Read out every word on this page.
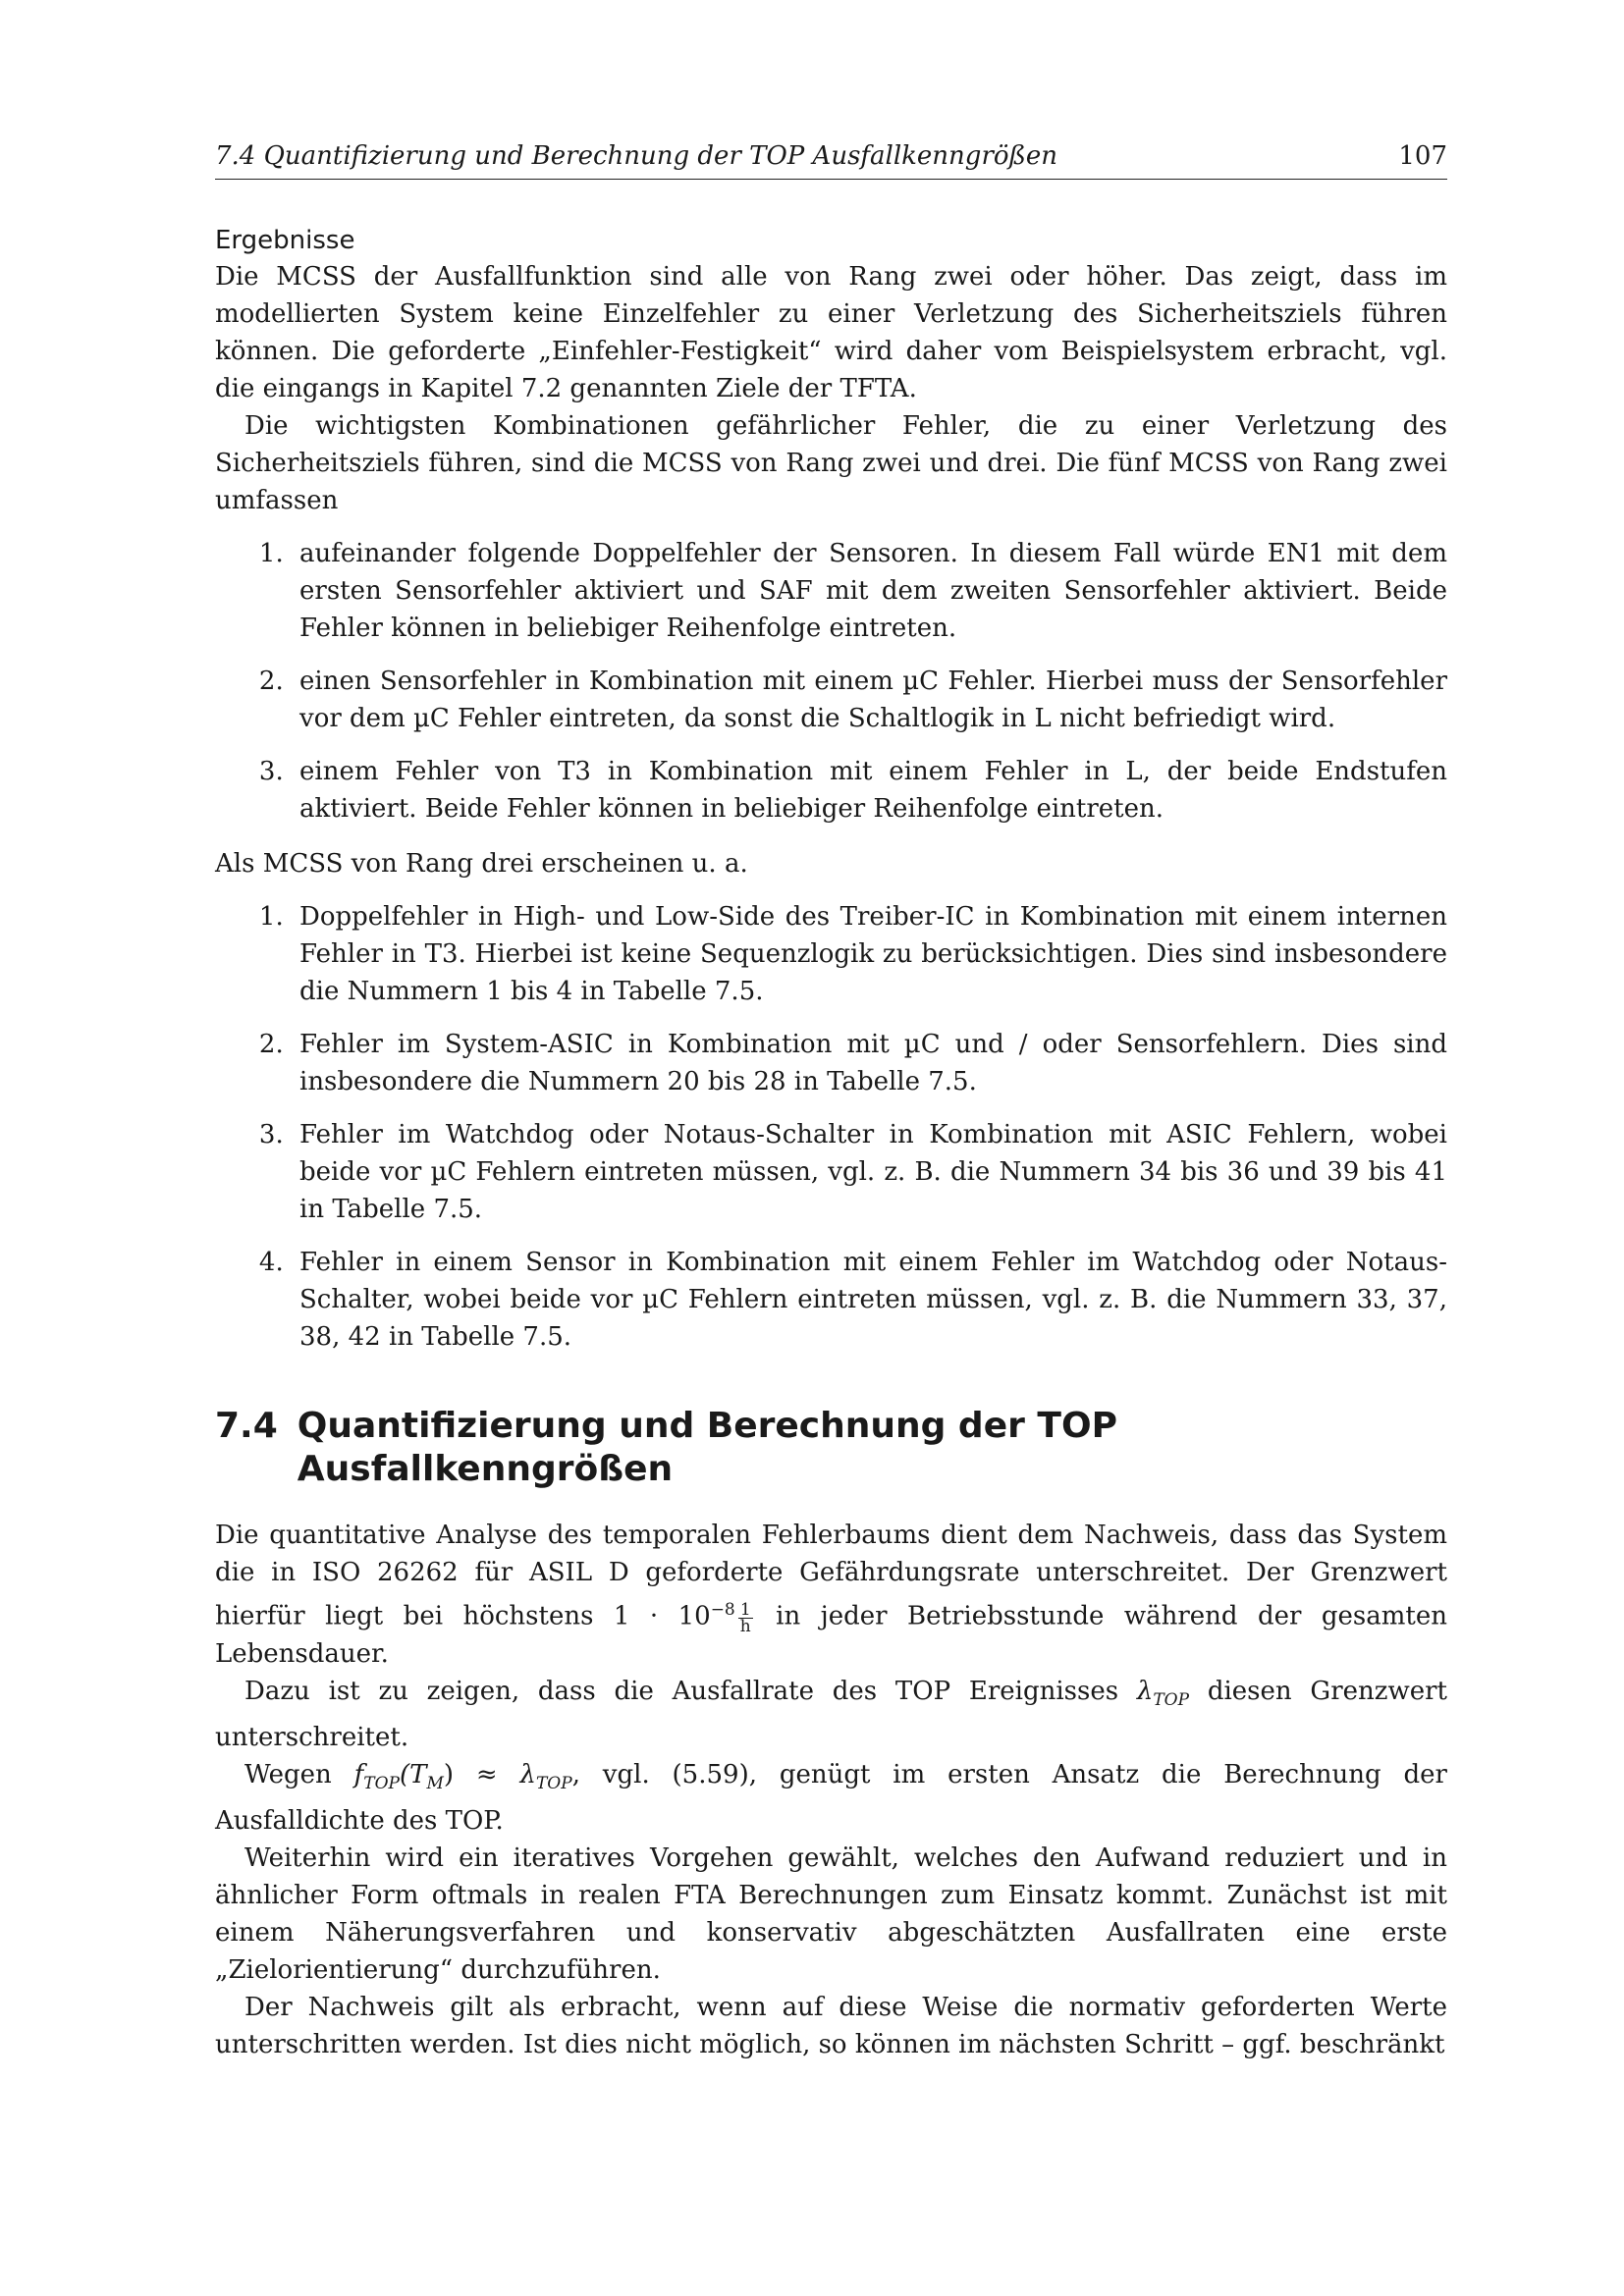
7.4 Quantifizierung und Berechnung der TOP Ausfallkenngrößen	107
Ergebnisse

Die MCSS der Ausfallfunktion sind alle von Rang zwei oder höher. Das zeigt, dass im modellierten System keine Einzelfehler zu einer Verletzung des Sicherheitsziels führen können. Die geforderte „Einfehler-Festigkeit“ wird daher vom Beispielsystem erbracht, vgl. die eingangs in Kapitel 7.2 genannten Ziele der TFTA.

Die wichtigsten Kombinationen gefährlicher Fehler, die zu einer Verletzung des Sicherheitsziels führen, sind die MCSS von Rang zwei und drei. Die fünf MCSS von Rang zwei umfassen

1. aufeinander folgende Doppelfehler der Sensoren. In diesem Fall würde EN1 mit dem ersten Sensorfehler aktiviert und SAF mit dem zweiten Sensorfehler aktiviert. Beide Fehler können in beliebiger Reihenfolge eintreten.
2. einen Sensorfehler in Kombination mit einem µC Fehler. Hierbei muss der Sensorfehler vor dem µC Fehler eintreten, da sonst die Schaltlogik in L nicht befriedigt wird.
3. einem Fehler von T3 in Kombination mit einem Fehler in L, der beide Endstufen aktiviert. Beide Fehler können in beliebiger Reihenfolge eintreten.

Als MCSS von Rang drei erscheinen u. a.

1. Doppelfehler in High- und Low-Side des Treiber-IC in Kombination mit einem internen Fehler in T3. Hierbei ist keine Sequenzlogik zu berücksichtigen. Dies sind insbesondere die Nummern 1 bis 4 in Tabelle 7.5.
2. Fehler im System-ASIC in Kombination mit µC und / oder Sensorfehlern. Dies sind insbesondere die Nummern 20 bis 28 in Tabelle 7.5.
3. Fehler im Watchdog oder Notaus-Schalter in Kombination mit ASIC Fehlern, wobei beide vor µC Fehlern eintreten müssen, vgl. z. B. die Nummern 34 bis 36 und 39 bis 41 in Tabelle 7.5.
4. Fehler in einem Sensor in Kombination mit einem Fehler im Watchdog oder Notaus-Schalter, wobei beide vor µC Fehlern eintreten müssen, vgl. z. B. die Nummern 33, 37, 38, 42 in Tabelle 7.5.
7.4 Quantifizierung und Berechnung der TOP Ausfallkenngrößen

Die quantitative Analyse des temporalen Fehlerbaums dient dem Nachweis, dass das System die in ISO 26262 für ASIL D geforderte Gefährdungsrate unterschreitet. Der Grenzwert hierfür liegt bei höchstens $1 \cdot 10^{-8} \frac{1}{h}$ in jeder Betriebsstunde während der gesamten Lebensdauer.

Dazu ist zu zeigen, dass die Ausfallrate des TOP Ereignisses $\lambda_{TOP}$ diesen Grenzwert unterschreitet.

Wegen $f_{TOP}(T_M) \approx \lambda_{TOP}$, vgl. (5.59), genügt im ersten Ansatz die Berechnung der Ausfalldichte des TOP.

Weiterhin wird ein iteratives Vorgehen gewählt, welches den Aufwand reduziert und in ähnlicher Form oftmals in realen FTA Berechnungen zum Einsatz kommt. Zunächst ist mit einem Näherungsverfahren und konservativ abgeschätzten Ausfallraten eine erste „Zielorientierung“ durchzuführen.

Der Nachweis gilt als erbracht, wenn auf diese Weise die normativ geforderten Werte unterschritten werden. Ist dies nicht möglich, so können im nächsten Schritt – ggf. beschränkt
